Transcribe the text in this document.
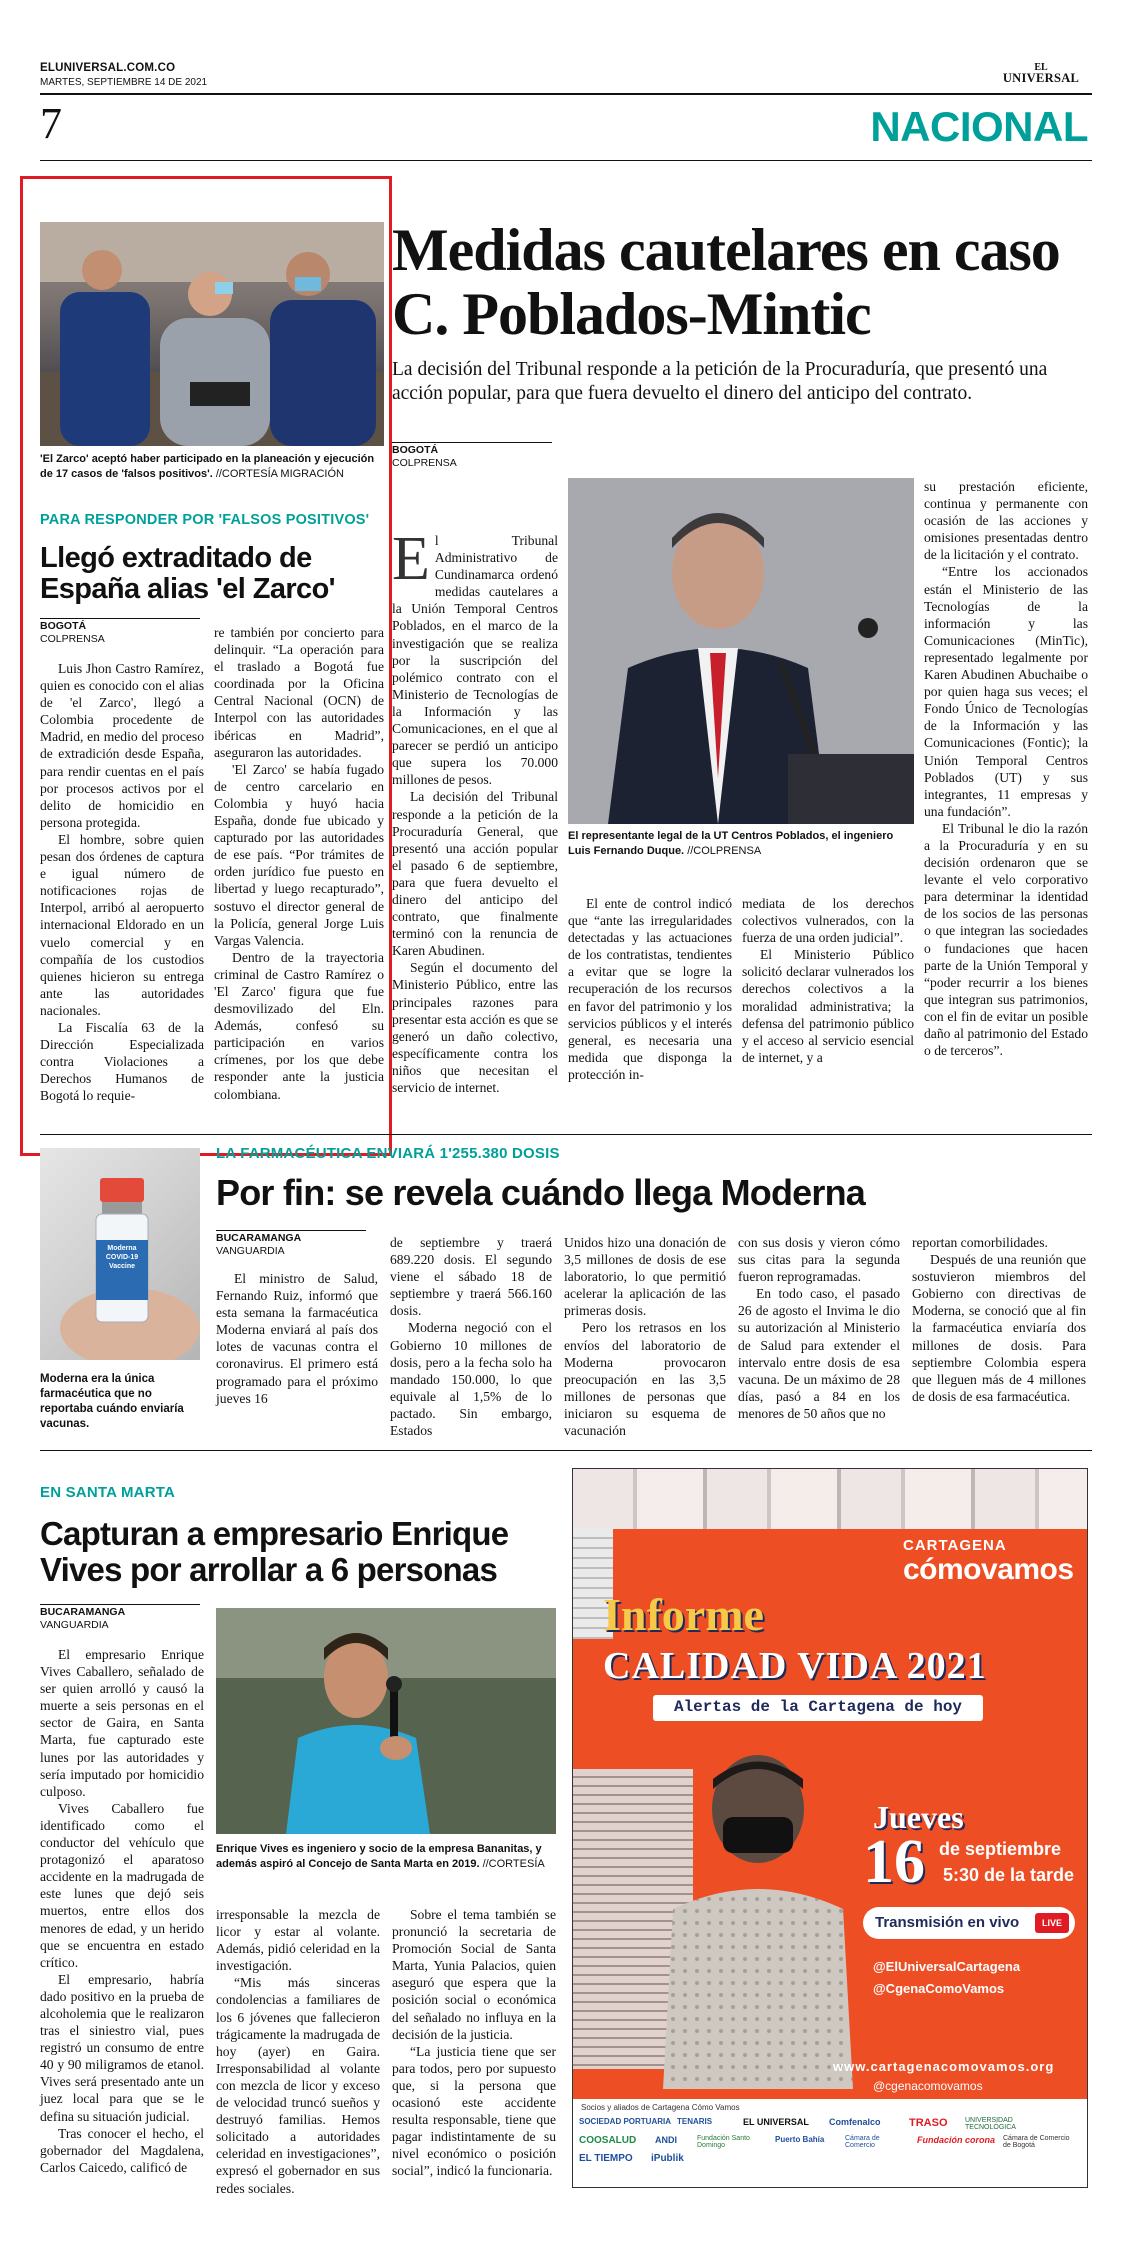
ELUNIVERSAL.COM.CO
MARTES, SEPTIEMBRE 14 DE 2021
EL
UNIVERSAL
7	NACIONAL
'El Zarco' aceptó haber participado en la planeación y ejecución de 17 casos de 'falsos positivos'. //CORTESÍA MIGRACIÓN
PARA RESPONDER POR 'FALSOS POSITIVOS'
Llegó extraditado de España alias 'el Zarco'
BOGOTÁ
COLPRENSA

Luis Jhon Castro Ramírez, quien es conocido con el alias de 'el Zarco', llegó a Colombia procedente de Madrid, en medio del proceso de extradición desde España, para rendir cuentas en el país por procesos activos por el delito de homicidio en persona protegida.

El hombre, sobre quien pesan dos órdenes de captura e igual número de notificaciones rojas de Interpol, arribó al aeropuerto internacional Eldorado en un vuelo comercial y en compañía de los custodios quienes hicieron su entrega ante las autoridades nacionales.

La Fiscalía 63 de la Dirección Especializada contra Violaciones a Derechos Humanos de Bogotá lo requie-

re también por concierto para delinquir. “La operación para el traslado a Bogotá fue coordinada por la Oficina Central Nacional (OCN) de Interpol con las autoridades ibéricas en Madrid”, aseguraron las autoridades.

'El Zarco' se había fugado de centro carcelario en Colombia y huyó hacia España, donde fue ubicado y capturado por las autoridades de ese país. “Por trámites de orden jurídico fue puesto en libertad y luego recapturado”, sostuvo el director general de la Policía, general Jorge Luis Vargas Valencia.

Dentro de la trayectoria criminal de Castro Ramírez o 'El Zarco' figura que fue desmovilizado del Eln. Además, confesó su participación en varios crímenes, por los que debe responder ante la justicia colombiana.

Medidas cautelares en caso C. Poblados-Mintic
La decisión del Tribunal responde a la petición de la Procuraduría, que presentó una acción popular, para que fuera devuelto el dinero del anticipo del contrato.
BOGOTÁ
COLPRENSA

El Tribunal Administrativo de Cundinamarca ordenó medidas cautelares a la Unión Temporal Centros Poblados, en el marco de la investigación que se realiza por la suscripción del polémico contrato con el Ministerio de Tecnologías de la Información y las Comunicaciones, en el que al parecer se perdió un anticipo que supera los 70.000 millones de pesos.

La decisión del Tribunal responde a la petición de la Procuraduría General, que presentó una acción popular el pasado 6 de septiembre, para que fuera devuelto el dinero del anticipo del contrato, que finalmente terminó con la renuncia de Karen Abudinen.

Según el documento del Ministerio Público, entre las principales razones para presentar esta acción es que se generó un daño colectivo, específicamente contra los niños que necesitan el servicio de internet.

El representante legal de la UT Centros Poblados, el ingeniero Luis Fernando Duque. //COLPRENSA

El ente de control indicó que “ante las irregularidades detectadas y las actuaciones de los contratistas, tendientes a evitar que se logre la recuperación de los recursos en favor del patrimonio y los servicios públicos y el interés general, es necesaria una medida que disponga la protección in-

mediata de los derechos colectivos vulnerados, con la fuerza de una orden judicial”.

El Ministerio Público solicitó declarar vulnerados los derechos colectivos a la moralidad administrativa; la defensa del patrimonio público y el acceso al servicio esencial de internet, y a

su prestación eficiente, continua y permanente con ocasión de las acciones y omisiones presentadas dentro de la licitación y el contrato.

“Entre los accionados están el Ministerio de las Tecnologías de la información y las Comunicaciones (MinTic), representado legalmente por Karen Abudinen Abuchaibe o por quien haga sus veces; el Fondo Único de Tecnologías de la Información y las Comunicaciones (Fontic); la Unión Temporal Centros Poblados (UT) y sus integrantes, 11 empresas y una fundación”.

El Tribunal le dio la razón a la Procuraduría y en su decisión ordenaron que se levante el velo corporativo para determinar la identidad de los socios de las personas o que integran las sociedades o fundaciones que hacen parte de la Unión Temporal y “poder recurrir a los bienes que integran sus patrimonios, con el fin de evitar un posible daño al patrimonio del Estado o de terceros”.

Moderna COVID-19 Vaccine
Moderna era la única farmacéutica que no reportaba cuándo enviaría vacunas.
LA FARMACÉUTICA ENVIARÁ 1'255.380 DOSIS
Por fin: se revela cuándo llega Moderna
BUCARAMANGA
VANGUARDIA

El ministro de Salud, Fernando Ruiz, informó que esta semana la farmacéutica Moderna enviará al país dos lotes de vacunas contra el coronavirus. El primero está programado para el próximo jueves 16

de septiembre y traerá 689.220 dosis. El segundo viene el sábado 18 de septiembre y traerá 566.160 dosis.

Moderna negoció con el Gobierno 10 millones de dosis, pero a la fecha solo ha mandado 150.000, lo que equivale al 1,5% de lo pactado. Sin embargo, Estados

Unidos hizo una donación de 3,5 millones de dosis de ese laboratorio, lo que permitió acelerar la aplicación de las primeras dosis.

Pero los retrasos en los envíos del laboratorio de Moderna provocaron preocupación en las 3,5 millones de personas que iniciaron su esquema de vacunación

con sus dosis y vieron cómo sus citas para la segunda fueron reprogramadas.

En todo caso, el pasado 26 de agosto el Invima le dio su autorización al Ministerio de Salud para extender el intervalo entre dosis de esa vacuna. De un máximo de 28 días, pasó a 84 en los menores de 50 años que no

reportan comorbilidades.

Después de una reunión que sostuvieron miembros del Gobierno con directivas de Moderna, se conoció que al fin la farmacéutica enviaría dos millones de dosis. Para septiembre Colombia espera que lleguen más de 4 millones de dosis de esa farmacéutica.

EN SANTA MARTA
Capturan a empresario Enrique Vives por arrollar a 6 personas
BUCARAMANGA
VANGUARDIA

El empresario Enrique Vives Caballero, señalado de ser quien arrolló y causó la muerte a seis personas en el sector de Gaira, en Santa Marta, fue capturado este lunes por las autoridades y sería imputado por homicidio culposo.

Vives Caballero fue identificado como el conductor del vehículo que protagonizó el aparatoso accidente en la madrugada de este lunes que dejó seis muertos, entre ellos dos menores de edad, y un herido que se encuentra en estado crítico.

El empresario, habría dado positivo en la prueba de alcoholemia que le realizaron tras el siniestro vial, pues registró un consumo de entre 40 y 90 miligramos de etanol. Vives será presentado ante un juez local para que se le defina su situación judicial.

Tras conocer el hecho, el gobernador del Magdalena, Carlos Caicedo, calificó de

Enrique Vives es ingeniero y socio de la empresa Bananitas, y además aspiró al Concejo de Santa Marta en 2019. //CORTESÍA

irresponsable la mezcla de licor y estar al volante. Además, pidió celeridad en la investigación.

“Mis más sinceras condolencias a familiares de los 6 jóvenes que fallecieron trágicamente la madrugada de hoy (ayer) en Gaira. Irresponsabilidad al volante con mezcla de licor y exceso de velocidad truncó sueños y destruyó familias. Hemos solicitado a autoridades celeridad en investigaciones”, expresó el gobernador en sus redes sociales.

Sobre el tema también se pronunció la secretaria de Promoción Social de Santa Marta, Yunia Palacios, quien aseguró que espera que la posición social o económica del señalado no influya en la decisión de la justicia.

“La justicia tiene que ser para todos, pero por supuesto que, si la persona que ocasionó este accidente resulta responsable, tiene que pagar indistintamente de su nivel económico o posición social”, indicó la funcionaria.

CARTAGENA
cómovamos
Informe
CALIDAD VIDA 2021
Alertas de la Cartagena de hoy
Jueves
16 de septiembre
5:30 de la tarde
Transmisión en vivo	LIVE
@ElUniversalCartagena
@CgenaComoVamos
www.cartagenacomovamos.org
@cgenacomovamos
Socios y aliados de Cartagena Cómo Vamos
SOCIEDAD PORTUARIA TENARIS	EL UNIVERSAL	Comfenalco	TRASO	UNIVERSIDAD TECNOLÓGICA
COOSALUD	ANDI	Fundación Santo Domingo
Puerto Bahía	Cámara de Comercio
Fundación corona Cámara de Comercio de Bogotá
EL TIEMPO	iPublik
